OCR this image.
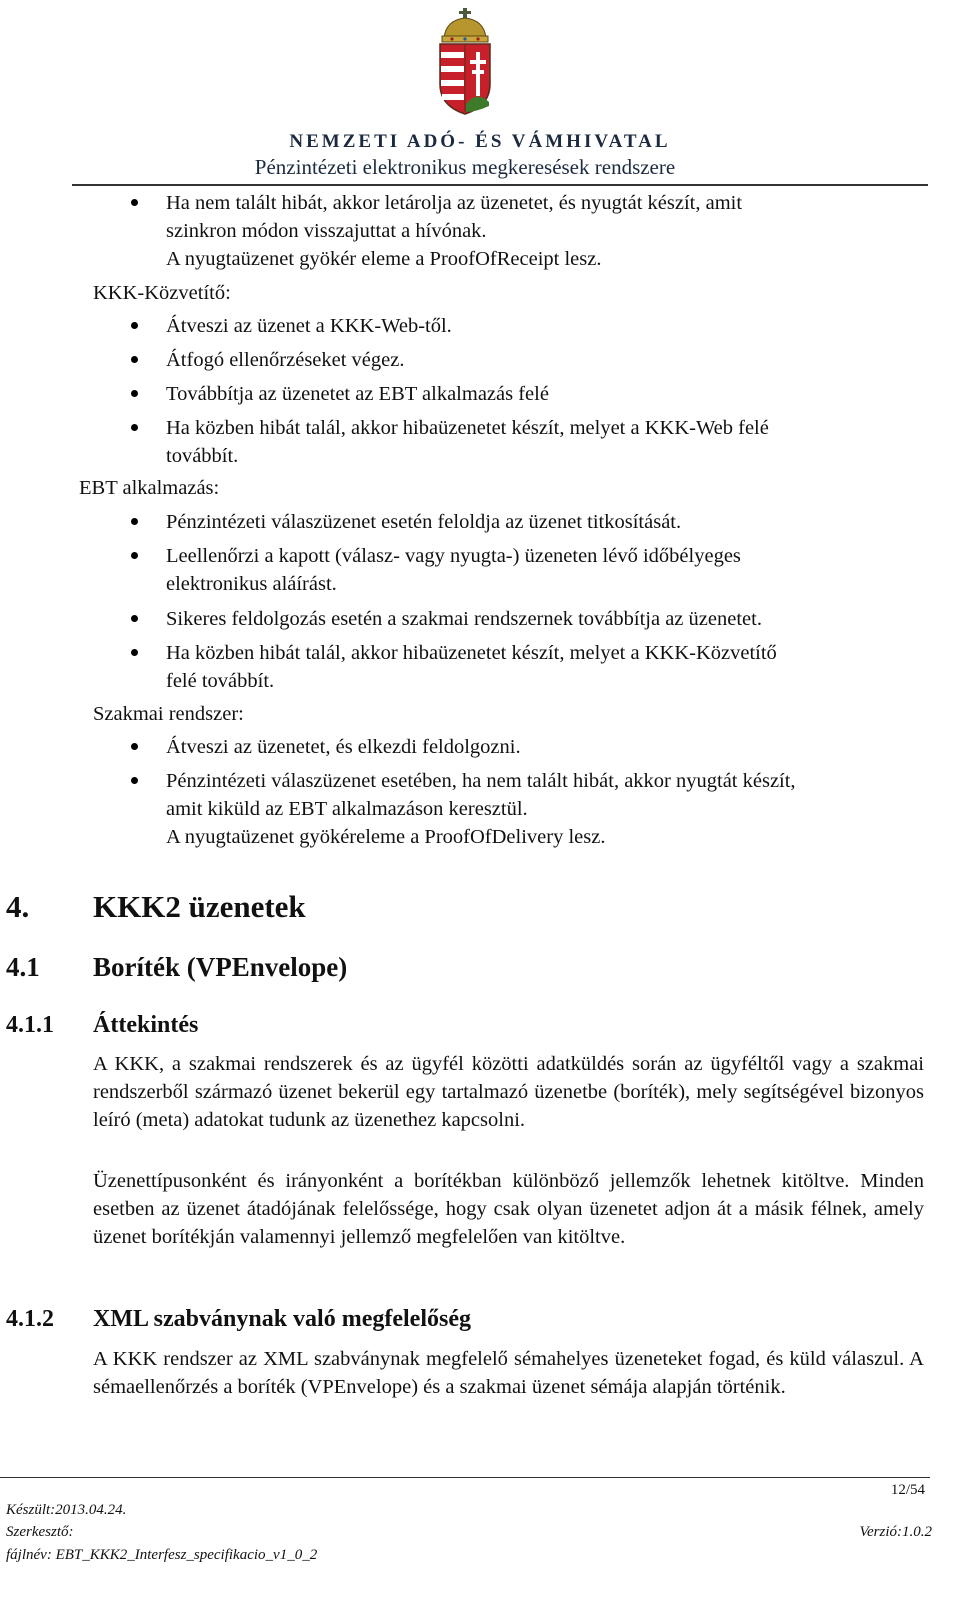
NEMZETI ADÓ- ÉS VÁMHIVATAL
Pénzintézeti elektronikus megkeresések rendszere
Ha nem talált hibát, akkor letárolja az üzenetet, és nyugtát készít, amit
szinkron módon visszajuttat a hívónak.
A nyugtaüzenet gyökér eleme a ProofOfReceipt lesz.
KKK-Közvetítő:
Átveszi az üzenet a KKK-Web-től.
Átfogó ellenőrzéseket végez.
Továbbítja az üzenetet az EBT alkalmazás felé
Ha közben hibát talál, akkor hibaüzenetet készít, melyet a KKK-Web felé
továbbít.
EBT alkalmazás:
Pénzintézeti válaszüzenet esetén feloldja az üzenet titkosítását.
Leellenőrzi a kapott (válasz- vagy nyugta-) üzeneten lévő időbélyeges
elektronikus aláírást.
Sikeres feldolgozás esetén a szakmai rendszernek továbbítja az üzenetet.
Ha közben hibát talál, akkor hibaüzenetet készít, melyet a KKK-Közvetítő
felé továbbít.
Szakmai rendszer:
Átveszi az üzenetet, és elkezdi feldolgozni.
Pénzintézeti válaszüzenet esetében, ha nem talált hibát, akkor nyugtát készít,
amit kiküld az EBT alkalmazáson keresztül.
A nyugtaüzenet gyökéreleme a ProofOfDelivery lesz.
4. KKK2 üzenetek
4.1 Boríték (VPEnvelope)
4.1.1 Áttekintés
A KKK, a szakmai rendszerek és az ügyfél közötti adatküldés során az ügyféltől vagy a szakmai rendszerből származó üzenet bekerül egy tartalmazó üzenetbe (boríték), mely segítségével bizonyos leíró (meta) adatokat tudunk az üzenethez kapcsolni.
Üzenettípusonként és irányonként a borítékban különböző jellemzők lehetnek kitöltve. Minden esetben az üzenet átadójának felelőssége, hogy csak olyan üzenetet adjon át a másik félnek, amely üzenet borítékján valamennyi jellemző megfelelően van kitöltve.
4.1.2 XML szabványnak való megfelelőség
A KKK rendszer az XML szabványnak megfelelő sémahelyes üzeneteket fogad, és küld válaszul. A sémaellenőrzés a boríték (VPEnvelope) és a szakmai üzenet sémája alapján történik.
12/54
Készült:2013.04.24.
Szerkesztő:	Verzió:1.0.2
fájlnév: EBT_KKK2_Interfesz_specifikacio_v1_0_2
